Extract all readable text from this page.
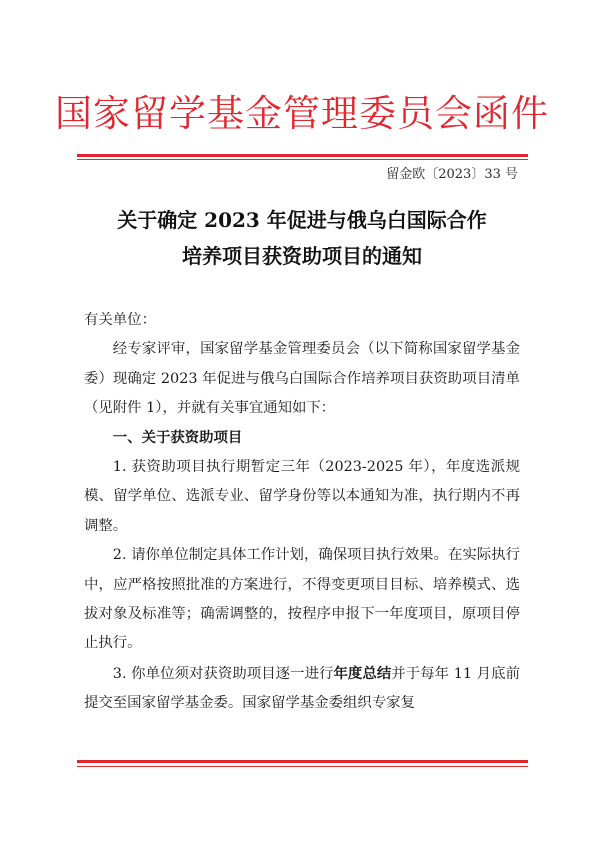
国家留学基金管理委员会函件
留金欧〔2023〕33 号
关于确定 2023 年促进与俄乌白国际合作
培养项目获资助项目的通知

有关单位：

经专家评审，国家留学基金管理委员会（以下简称国家留学基金委）现确定 2023 年促进与俄乌白国际合作培养项目获资助项目清单（见附件 1），并就有关事宜通知如下：

一、关于获资助项目

1. 获资助项目执行期暂定三年（2023-2025 年），年度选派规模、留学单位、选派专业、留学身份等以本通知为准，执行期内不再调整。

2. 请你单位制定具体工作计划，确保项目执行效果。在实际执行中，应严格按照批准的方案进行，不得变更项目目标、培养模式、选拔对象及标准等；确需调整的，按程序申报下一年度项目，原项目停止执行。

3. 你单位须对获资助项目逐一进行年度总结并于每年 11 月底前提交至国家留学基金委。国家留学基金委组织专家复
